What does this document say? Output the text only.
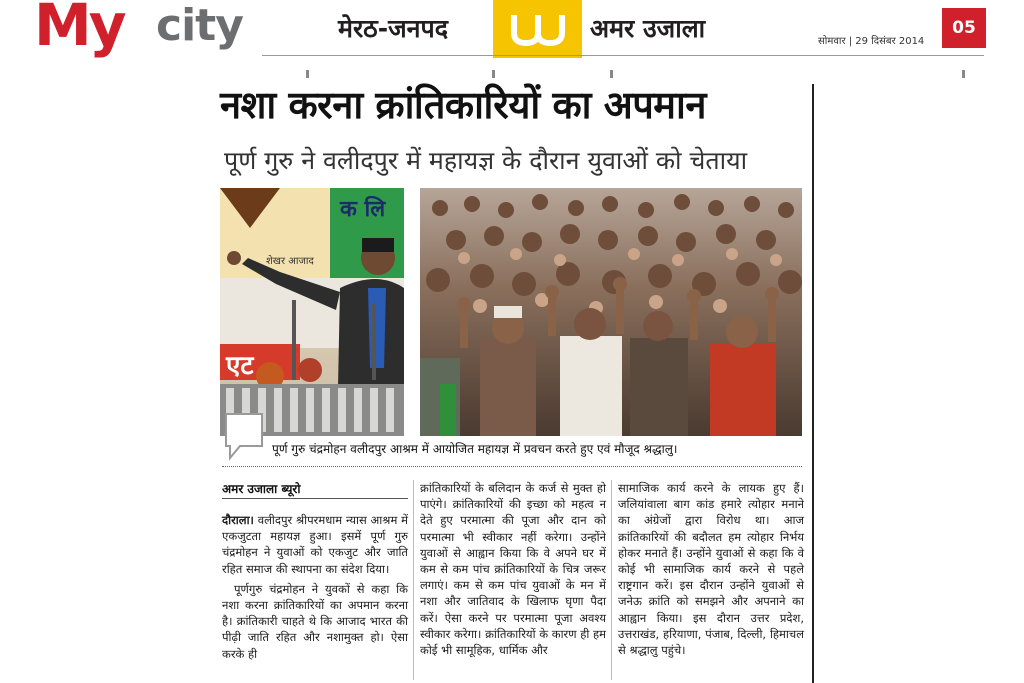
My city	मेरठ-जनपद	अमर उजाला	सोमवार | 29 दिसंबर 2014
05
नशा करना क्रांतिकारियों का अपमान
पूर्ण गुरु ने वलीदपुर में महायज्ञ के दौरान युवाओं को चेताया
एट
क लि
शेखर आजाद
पूर्ण गुरु चंद्रमोहन वलीदपुर आश्रम में आयोजित महायज्ञ में प्रवचन करते हुए एवं मौजूद श्रद्धालु।
अमर उजाला ब्यूरो

दौराला। वलीदपुर श्रीपरमधाम न्यास आश्रम में एकजुटता महायज्ञ हुआ। इसमें पूर्ण गुरु चंद्रमोहन ने युवाओं को एकजुट और जाति रहित समाज की स्थापना का संदेश दिया।

पूर्णगुरु चंद्रमोहन ने युवकों से कहा कि नशा करना क्रांतिकारियों का अपमान करना है। क्रांतिकारी चाहते थे कि आजाद भारत की पीढ़ी जाति रहित और नशामुक्त हो। ऐसा करके ही

क्रांतिकारियों के बलिदान के कर्ज से मुक्त हो पाएंगे। क्रांतिकारियों की इच्छा को महत्व न देते हुए परमात्मा की पूजा और दान को परमात्मा भी स्वीकार नहीं करेगा। उन्होंने युवाओं से आह्वान किया कि वे अपने घर में कम से कम पांच क्रांतिकारियों के चित्र जरूर लगाएं। कम से कम पांच युवाओं के मन में नशा और जातिवाद के खिलाफ घृणा पैदा करें। ऐसा करने पर परमात्मा पूजा अवश्य स्वीकार करेगा। क्रांतिकारियों के कारण ही हम कोई भी सामूहिक, धार्मिक और

सामाजिक कार्य करने के लायक हुए हैं। जलियांवाला बाग कांड हमारे त्योहार मनाने का अंग्रेजों द्वारा विरोध था। आज क्रांतिकारियों की बदौलत हम त्योहार निर्भय होकर मनाते हैं। उन्होंने युवाओं से कहा कि वे कोई भी सामाजिक कार्य करने से पहले राष्ट्रगान करें। इस दौरान उन्होंने युवाओं से जनेऊ क्रांति को समझने और अपनाने का आह्वान किया। इस दौरान उत्तर प्रदेश, उत्तराखंड, हरियाणा, पंजाब, दिल्ली, हिमाचल से श्रद्धालु पहुंचे।
